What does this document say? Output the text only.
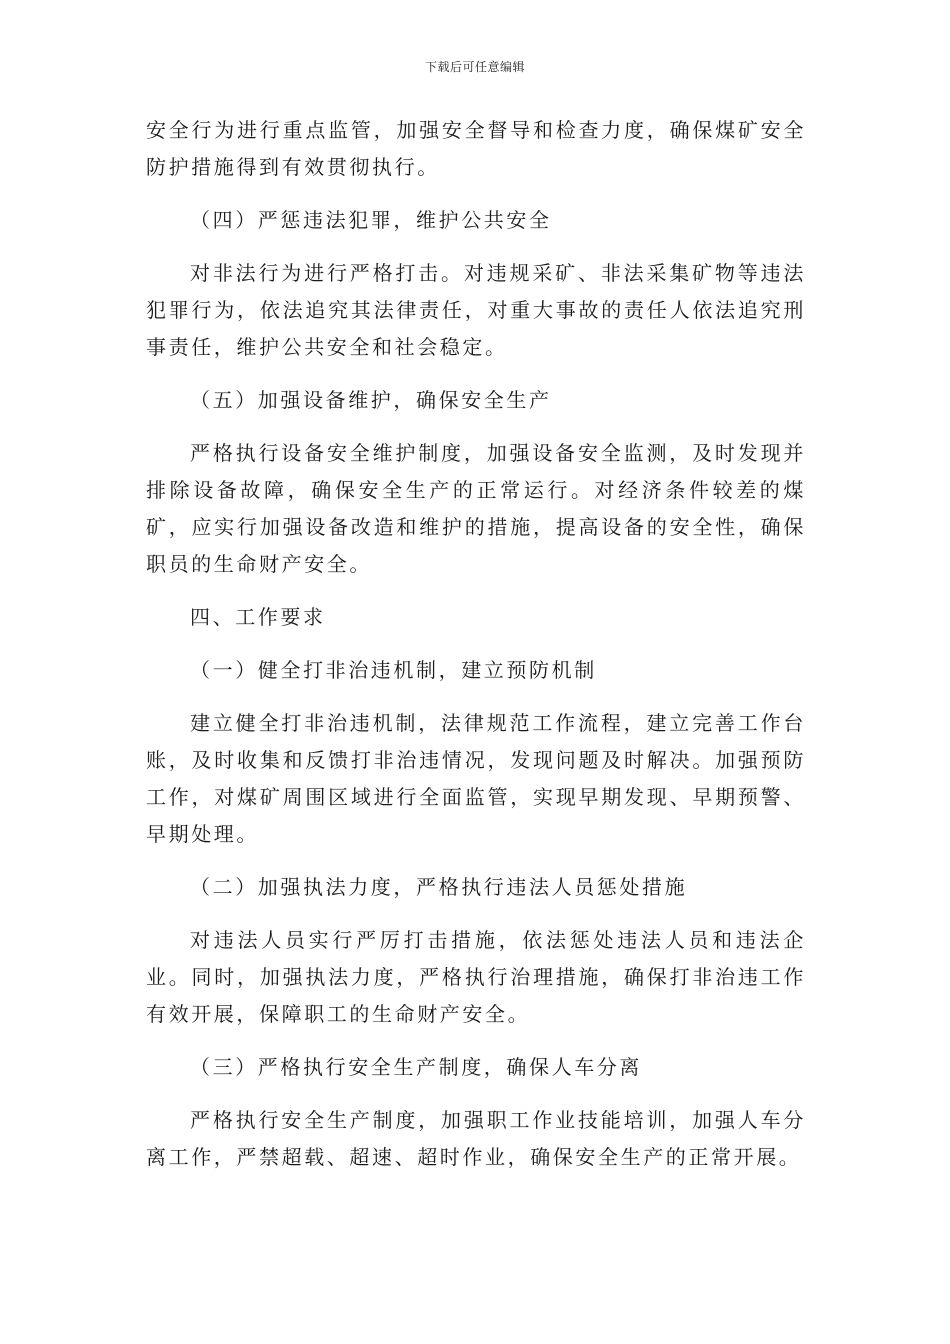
下载后可任意编辑

安全行为进行重点监管，加强安全督导和检查力度，确保煤矿安全防护措施得到有效贯彻执行。

（四）严惩违法犯罪，维护公共安全

对非法行为进行严格打击。对违规采矿、非法采集矿物等违法犯罪行为，依法追究其法律责任，对重大事故的责任人依法追究刑事责任，维护公共安全和社会稳定。

（五）加强设备维护，确保安全生产

严格执行设备安全维护制度，加强设备安全监测，及时发现并排除设备故障，确保安全生产的正常运行。对经济条件较差的煤矿，应实行加强设备改造和维护的措施，提高设备的安全性，确保职员的生命财产安全。

四、工作要求

（一）健全打非治违机制，建立预防机制

建立健全打非治违机制，法律规范工作流程，建立完善工作台账，及时收集和反馈打非治违情况，发现问题及时解决。加强预防工作，对煤矿周围区域进行全面监管，实现早期发现、早期预警、早期处理。

（二）加强执法力度，严格执行违法人员惩处措施

对违法人员实行严厉打击措施，依法惩处违法人员和违法企业。同时，加强执法力度，严格执行治理措施，确保打非治违工作有效开展，保障职工的生命财产安全。

（三）严格执行安全生产制度，确保人车分离

严格执行安全生产制度，加强职工作业技能培训，加强人车分离工作，严禁超载、超速、超时作业，确保安全生产的正常开展。
